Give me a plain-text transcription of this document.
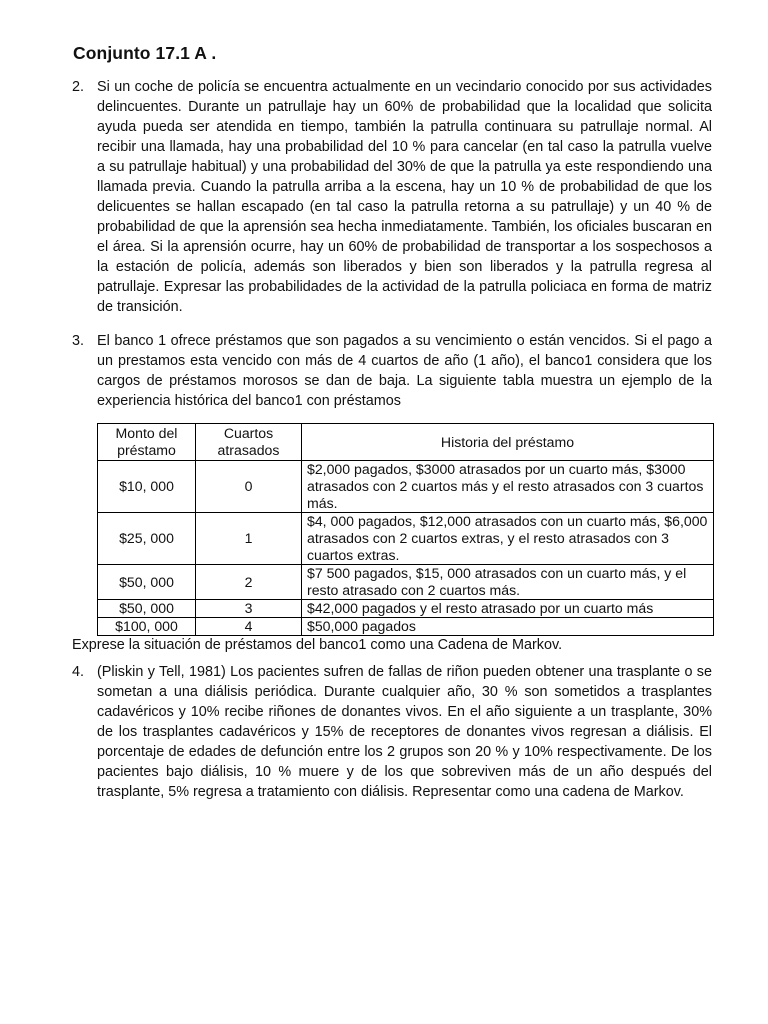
Conjunto 17.1 A .
2. Si un coche de policía se encuentra actualmente en un vecindario conocido por sus actividades delincuentes. Durante un patrullaje hay un 60% de probabilidad que la localidad que solicita ayuda pueda ser atendida en tiempo, también la patrulla continuara su patrullaje normal. Al recibir una llamada, hay una probabilidad del 10 % para cancelar (en tal caso la patrulla vuelve a su patrullaje habitual) y una probabilidad del 30% de que la patrulla ya este respondiendo una llamada previa. Cuando la patrulla arriba a la escena, hay un 10 % de probabilidad de que los delicuentes se hallan escapado (en tal caso la patrulla retorna a su patrullaje) y un 40 % de probabilidad de que la aprensión sea hecha inmediatamente. También, los oficiales buscaran en el área. Si la aprensión ocurre, hay un 60% de probabilidad de transportar a los sospechosos a la estación de policía, además son liberados y bien son liberados y la patrulla regresa al patrullaje. Expresar las probabilidades de la actividad de la patrulla policiaca en forma de matriz de transición.
3. El banco 1 ofrece préstamos que son pagados a su vencimiento o están vencidos. Si el pago a un prestamos esta vencido con más de 4 cuartos de año (1 año), el banco1 considera que los cargos de préstamos morosos se dan de baja. La siguiente tabla muestra un ejemplo de la experiencia histórica del banco1 con préstamos
Monto del préstamo	Cuartos atrasados	Historia del préstamo
$10, 000	0	$2,000 pagados, $3000 atrasados por un cuarto más, $3000 atrasados con 2 cuartos más y el resto atrasados con 3 cuartos más.
$25, 000	1	$4, 000 pagados, $12,000 atrasados con un cuarto más, $6,000 atrasados con 2 cuartos extras, y el resto atrasados con 3 cuartos extras.
$50, 000	2	$7 500 pagados, $15, 000 atrasados con un cuarto más, y el resto atrasado con 2 cuartos más.
$50, 000	3	$42,000 pagados y el resto atrasado por un cuarto más
$100, 000	4	$50,000 pagados
Exprese la situación de préstamos del banco1 como una Cadena de Markov.
4. (Pliskin y Tell, 1981) Los pacientes sufren de fallas de riñon pueden obtener una trasplante o se sometan a una diálisis periódica. Durante cualquier año, 30 % son sometidos a trasplantes cadavéricos y 10% recibe riñones de donantes vivos. En el año siguiente a un trasplante, 30% de los trasplantes cadavéricos y 15% de receptores de donantes vivos regresan a diálisis. El porcentaje de edades de defunción entre los 2 grupos son 20 % y 10% respectivamente. De los pacientes bajo diálisis, 10 % muere y de los que sobreviven más de un año después del trasplante, 5% regresa a tratamiento con diálisis. Representar como una cadena de Markov.
